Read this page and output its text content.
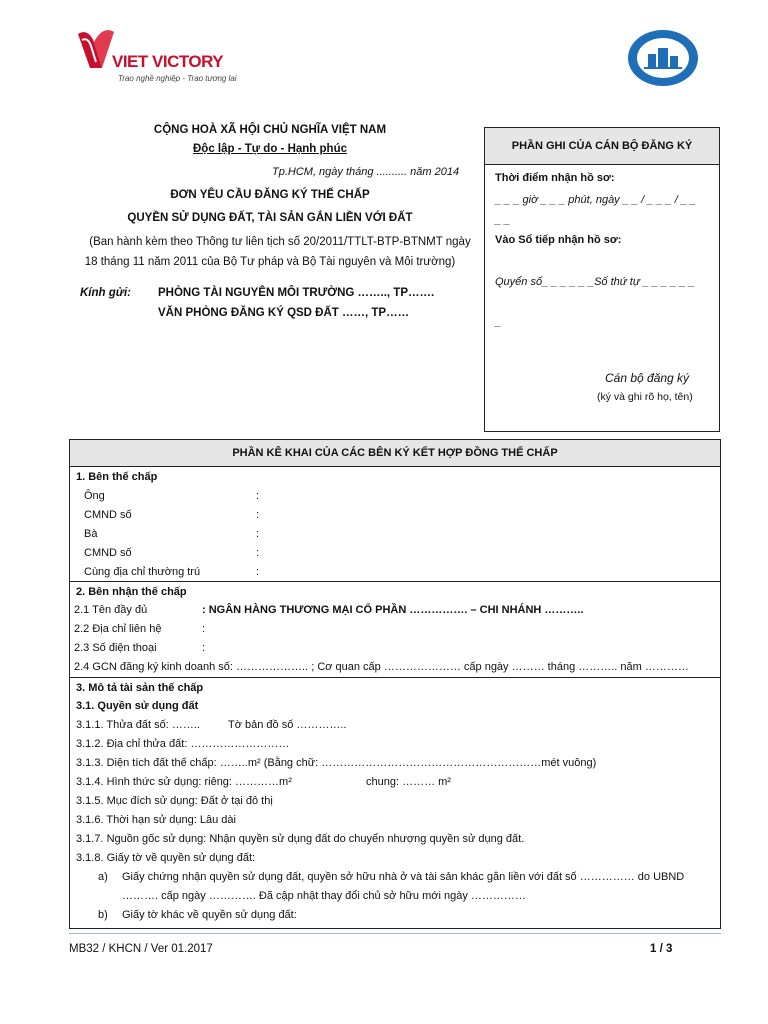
VIET VICTORY
Trao nghề nghiệp - Trao tương lai
CỘNG HOÀ XÃ HỘI CHỦ NGHĨA VIỆT NAM
Độc lập - Tự do - Hạnh phúc
Tp.HCM, ngày tháng .......... năm 2014
ĐƠN YÊU CẦU ĐĂNG KÝ THẾ CHẤP
QUYỀN SỬ DỤNG ĐẤT, TÀI SẢN GẮN LIỀN VỚI ĐẤT
(Ban hành kèm theo Thông tư liên tịch số 20/2011/TTLT-BTP-BTNMT ngày
18 tháng 11 năm 2011 của Bộ Tư pháp và Bộ Tài nguyên và Môi trường)
Kính gửi: PHÒNG TÀI NGUYÊN MÔI TRƯỜNG …….., TP…….
VĂN PHÒNG ĐĂNG KÝ QSD ĐẤT ……, TP……
PHẦN GHI CỦA CÁN BỘ ĐĂNG KÝ
Thời điểm nhận hồ sơ:
_ _ _ giờ _ _ _ phút, ngày _ _ / _ _ _ / _ _
_ _
Vào Sổ tiếp nhận hồ sơ:
Quyển số_ _ _ _ _ _Số thứ tự _ _ _ _ _ _
_
Cán bộ đăng ký
(ký và ghi rõ họ, tên)
PHẦN KÊ KHAI CỦA CÁC BÊN KÝ KẾT HỢP ĐỒNG THẾ CHẤP
1. Bên thế chấp
Ông	:
CMND số	:
Bà	:
CMND số	:
Cùng địa chỉ thường trú	:
2. Bên nhận thế chấp
2.1 Tên đầy đủ	: NGÂN HÀNG THƯƠNG MẠI CỔ PHẦN ……………. – CHI NHÁNH ………..
2.2 Địa chỉ liên hệ	:
2.3 Số điện thoại	:
2.4 GCN đăng ký kinh doanh số: ……………….. ; Cơ quan cấp ………………… cấp ngày ……… tháng ……….. năm …………
3. Mô tả tài sản thế chấp
3.1. Quyền sử dụng đất
3.1.1. Thửa đất số: ……..	Tờ bản đồ số …………..
3.1.2. Địa chỉ thửa đất: ………………………
3.1.3. Diện tích đất thế chấp: ……..m² (Bằng chữ: ……………………………………………………mét vuông)
3.1.4. Hình thức sử dụng: riêng: …………m²	chung: ……… m²
3.1.5. Mục đích sử dụng: Đất ở tại đô thị
3.1.6. Thời hạn sử dụng: Lâu dài
3.1.7. Nguồn gốc sử dụng: Nhận quyền sử dụng đất do chuyển nhượng quyền sử dụng đất.
3.1.8. Giấy tờ về quyền sử dụng đất:
a) Giấy chứng nhận quyền sử dụng đất, quyền sở hữu nhà ở và tài sản khác gắn liền với đất số …………… do UBND
………. cấp ngày …………. Đã cập nhật thay đổi chủ sở hữu mới ngày ……………
b) Giấy tờ khác về quyền sử dụng đất:
MB32 / KHCN / Ver 01.2017	1 / 3
